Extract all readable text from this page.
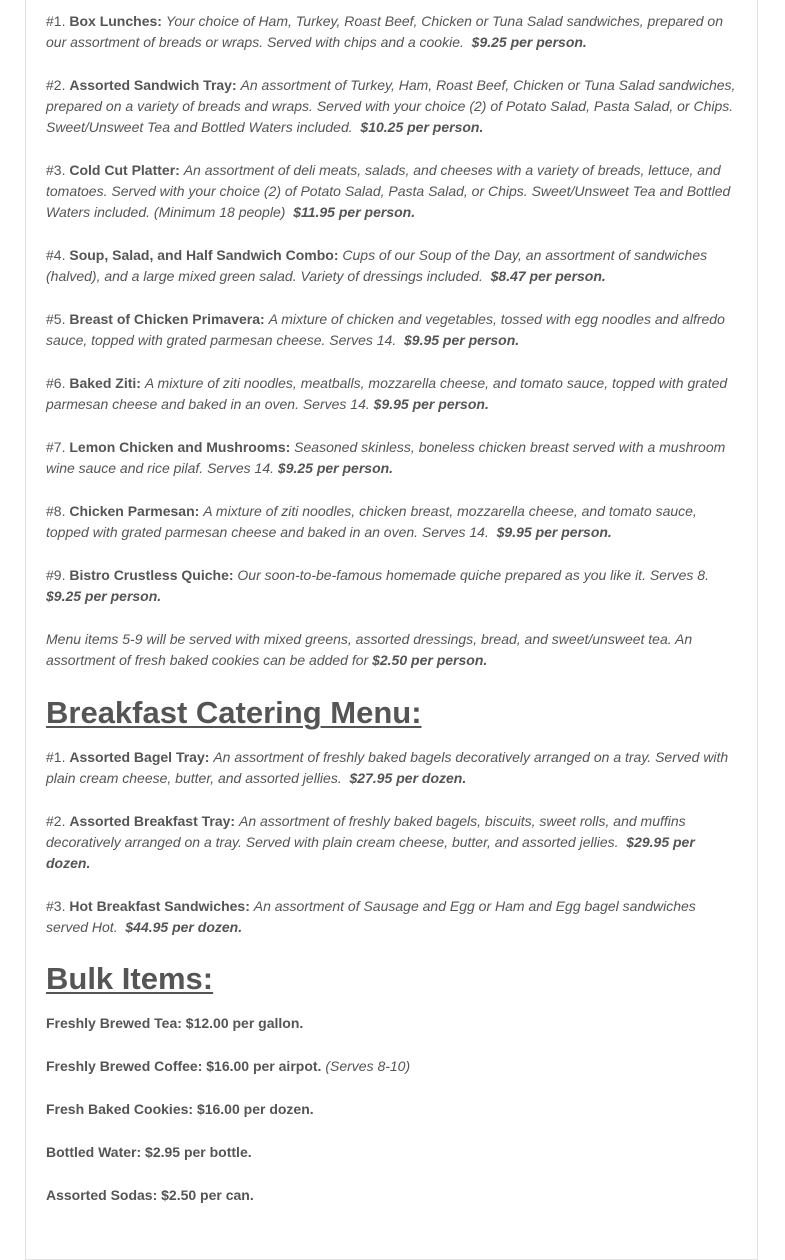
#1. Box Lunches: Your choice of Ham, Turkey, Roast Beef, Chicken or Tuna Salad sandwiches, prepared on our assortment of breads or wraps. Served with chips and a cookie. $9.25 per person.

#2. Assorted Sandwich Tray: An assortment of Turkey, Ham, Roast Beef, Chicken or Tuna Salad sandwiches, prepared on a variety of breads and wraps. Served with your choice (2) of Potato Salad, Pasta Salad, or Chips. Sweet/Unsweet Tea and Bottled Waters included. $10.25 per person.

#3. Cold Cut Platter: An assortment of deli meats, salads, and cheeses with a variety of breads, lettuce, and tomatoes. Served with your choice (2) of Potato Salad, Pasta Salad, or Chips. Sweet/Unsweet Tea and Bottled Waters included. (Minimum 18 people) $11.95 per person.

#4. Soup, Salad, and Half Sandwich Combo: Cups of our Soup of the Day, an assortment of sandwiches (halved), and a large mixed green salad. Variety of dressings included. $8.47 per person.

#5. Breast of Chicken Primavera: A mixture of chicken and vegetables, tossed with egg noodles and alfredo sauce, topped with grated parmesan cheese. Serves 14. $9.95 per person.

#6. Baked Ziti: A mixture of ziti noodles, meatballs, mozzarella cheese, and tomato sauce, topped with grated parmesan cheese and baked in an oven. Serves 14. $9.95 per person.

#7. Lemon Chicken and Mushrooms: Seasoned skinless, boneless chicken breast served with a mushroom wine sauce and rice pilaf. Serves 14. $9.25 per person.

#8. Chicken Parmesan: A mixture of ziti noodles, chicken breast, mozzarella cheese, and tomato sauce, topped with grated parmesan cheese and baked in an oven. Serves 14. $9.95 per person.

#9. Bistro Crustless Quiche: Our soon-to-be-famous homemade quiche prepared as you like it. Serves 8.  $9.25 per person.

Menu items 5-9 will be served with mixed greens, assorted dressings, bread, and sweet/unsweet tea. An assortment of fresh baked cookies can be added for $2.50 per person.

Breakfast Catering Menu:

#1. Assorted Bagel Tray: An assortment of freshly baked bagels decoratively arranged on a tray. Served with plain cream cheese, butter, and assorted jellies. $27.95 per dozen.

#2. Assorted Breakfast Tray: An assortment of freshly baked bagels, biscuits, sweet rolls, and muffins decoratively arranged on a tray. Served with plain cream cheese, butter, and assorted jellies. $29.95 per dozen.

#3. Hot Breakfast Sandwiches: An assortment of Sausage and Egg or Ham and Egg bagel sandwiches served Hot. $44.95 per dozen.

Bulk Items:

Freshly Brewed Tea: $12.00 per gallon.

Freshly Brewed Coffee: $16.00 per airpot. (Serves 8-10)

Fresh Baked Cookies: $16.00 per dozen.

Bottled Water: $2.95 per bottle.

Assorted Sodas: $2.50 per can.
